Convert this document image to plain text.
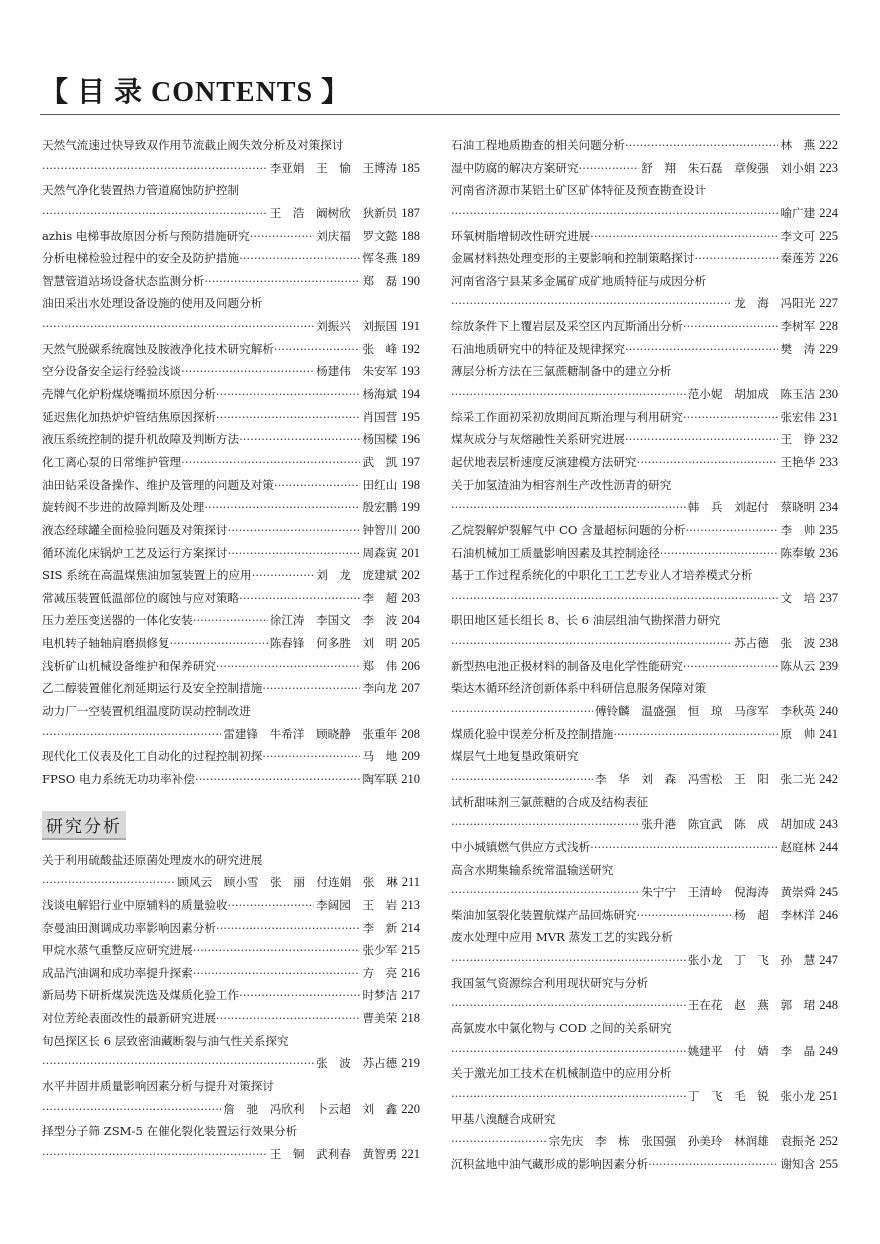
【 目 录 CONTENTS 】
天然气流速过快导致双作用节流截止阀失效分析及对策探讨
·····
李亚娟　王　愉　王博涛 185
天然气净化装置热力管道腐蚀防护控制
·····
王　浩　阚树欣　狄新员 187
azhis 电梯事故原因分析与预防措施研究 ·····	刘庆福　罗文懿 188
分析电梯检验过程中的安全及防护措施 ·····	恽冬燕 189
智慧管道站场设备状态监测分析 ·····	郑　磊 190
油田采出水处理设备设施的使用及问题分析
·····
刘振兴　刘振国 191
天然气脱碳系统腐蚀及胺液净化技术研究解析 ·····	张　峰 192
空分设备安全运行经验浅谈 ·····	杨建伟　朱安军 193
壳牌气化炉粉煤烧嘴损坏原因分析 ·····	杨海斌 194
延迟焦化加热炉炉管结焦原因探析 ·····	肖国营 195
液压系统控制的提升机故障及判断方法 ·····	杨国樑 196
化工离心泵的日常维护管理 ·····	武　凯 197
油田钻采设备操作、维护及管理的问题及对策 ·····	田红山 198
旋转阀不步进的故障判断及处理 ·····	殷宏鹏 199
液态经球罐全面检验问题及对策探讨 ·····	钟智川 200
循环流化床锅炉工艺及运行方案探讨 ·····	周森寅 201
SIS 系统在高温煤焦油加氢装置上的应用 ·····	刘　龙　庞建斌 202
常减压装置低温部位的腐蚀与应对策略 ·····	李　超 203
压力差压变送器的一体化安装 ·····	徐江涛　李国文　李　波 204
电机转子轴轴肩磨损修复 ·····	陈春锋　何多胜　刘　明 205
浅析矿山机械设备维护和保养研究 ·····	郑　伟 206
乙二醇装置催化剂延期运行及安全控制措施 ·····	李向龙 207
动力厂一空装置机组温度防误动控制改进
·····
雷建锋　牛希洋　顾晓静　张重年 208
现代化工仪表及化工自动化的过程控制初探 ·····	马　地 209
FPSO 电力系统无功功率补偿 ·····	陶军联 210
研究分析
关于利用硫酸盐还原菌处理废水的研究进展
·····
顾风云　顾小雪　张　丽　付连娟　张　琳 211
浅谈电解铝行业中原辅料的质量验收 ·····	李阔园　王　岩 213
奈曼油田测调成功率影响因素分析 ·····	李　新 214
甲烷水蒸气重整反应研究进展 ·····	张少军 215
成品汽油调和成功率提升探索 ·····	方　亮 216
新局势下研析煤炭洗选及煤质化验工作 ·····	时梦洁 217
对位芳纶表面改性的最新研究进展 ·····	曹美荣 218
旬邑探区长 6 层致密油藏断裂与油气性关系探究
·····
张　波　苏占德 219
水平井固井质量影响因素分析与提升对策探讨
·····
詹　驰　冯欣利　卜云超　刘　鑫 220
择型分子筛 ZSM-5 在催化裂化装置运行效果分析
·····
王　铜　武利春　黄智勇 221
石油工程地质勘查的相关问题分析 ·····	林　燕 222
湿中防腐的解决方案研究 ·····	舒　翔　朱石磊　章俊强　刘小娟 223
河南省济源市某铝土矿区矿体特征及预查勘查设计
·····
喻广建 224
环氧树脂增韧改性研究进展 ·····	李文可 225
金属材料热处理变形的主要影响和控制策略探讨 ·····	秦莲芳 226
河南省洛宁县某多金属矿成矿地质特征与成因分析
·····
龙　海　冯阳光 227
综放条件下上覆岩层及采空区内瓦斯涌出分析 ·····	李树军 228
石油地质研究中的特征及规律探究 ·····	樊　涛 229
薄层分析方法在三氯蔗糖制备中的建立分析
·····
范小妮　胡加成　陈玉洁 230
综采工作面初采初放期间瓦斯治理与利用研究 ·····	张宏伟 231
煤灰成分与灰熔融性关系研究进展 ·····	王　铮 232
起伏地表层析速度反演建模方法研究 ·····	王艳华 233
关于加氢渣油为相容剂生产改性沥青的研究
·····
韩　兵　刘起付　蔡晓明 234
乙烷裂解炉裂解气中 CO 含量超标问题的分析 ·····	李　帅 235
石油机械加工质量影响因素及其控制途径 ·····	陈奉敏 236
基于工作过程系统化的中职化工工艺专业人才培养模式分析
·····
文　培 237
职田地区延长组长 8、长 6 油层组油气勘探潜力研究
·····
苏占德　张　波 238
新型热电池正极材料的制备及电化学性能研究 ·····	陈从云 239
柴达木循环经济创新体系中科研信息服务保障对策
·····
傅铃麟　温盛强　恒　琼　马彦军　李秋英 240
煤质化验中误差分析及控制措施 ·····	原　帅 241
煤层气土地复垦政策研究
·····
李　华　刘　森　冯雪松　王　阳　张二光 242
试析甜味剂三氯蔗糖的合成及结构表征
·····
张升港　陈宜武　陈　成　胡加成 243
中小城镇燃气供应方式浅析 ·····	赵庭林 244
高含水期集输系统常温输送研究
·····
朱宁宁　王清岭　倪海涛　黄崇舜 245
柴油加氢裂化装置航煤产品回炼研究 ·····	杨　超　李林洋 246
废水处理中应用 MVR 蒸发工艺的实践分析
·····
张小龙　丁　飞　孙　慧 247
我国氢气资源综合利用现状研究与分析
·····
王在花　赵　燕　郭　珺 248
高氯废水中氯化物与 COD 之间的关系研究
·····
姚建平　付　婧　李　晶 249
关于激光加工技术在机械制造中的应用分析
·····
丁　飞　毛　锐　张小龙 251
甲基八溴醚合成研究
·····
宗先庆　李　栋　张国强　孙美玲　林润雄　袁振尧 252
沉积盆地中油气藏形成的影响因素分析 ·····	谢知含 255
